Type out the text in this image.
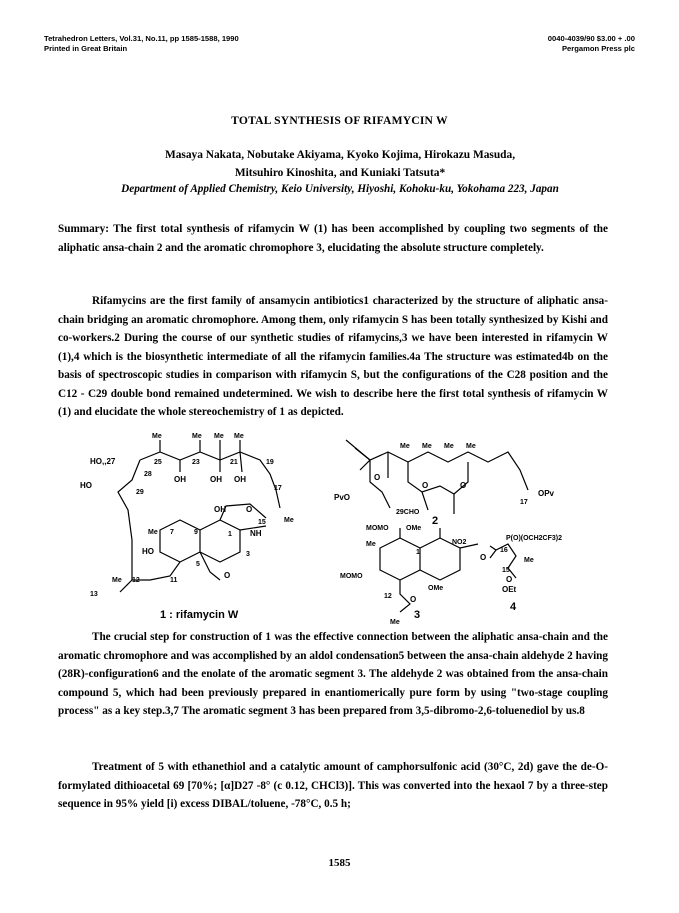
Tetrahedron Letters, Vol.31, No.11, pp 1585-1588, 1990
Printed in Great Britain
0040-4039/90 $3.00 + .00
Pergamon Press plc
TOTAL SYNTHESIS OF RIFAMYCIN W
Masaya Nakata, Nobutake Akiyama, Kyoko Kojima, Hirokazu Masuda,
Mitsuhiro Kinoshita, and Kuniaki Tatsuta*
Department of Applied Chemistry, Keio University, Hiyoshi, Kohoku-ku, Yokohama 223, Japan
Summary: The first total synthesis of rifamycin W (1) has been accomplished by coupling two segments of the aliphatic ansa-chain 2 and the aromatic chromophore 3, elucidating the absolute structure completely.
Rifamycins are the first family of ansamycin antibiotics1 characterized by the structure of aliphatic ansa-chain bridging an aromatic chromophore. Among them, only rifamycin S has been totally synthesized by Kishi and co-workers.2 During the course of our synthetic studies of rifamycins,3 we have been interested in rifamycin W (1),4 which is the biosynthetic intermediate of all the rifamycin families.4a The structure was estimated4b on the basis of spectroscopic studies in comparison with rifamycin S, but the configurations of the C28 position and the C12 - C29 double bond remained undetermined. We wish to describe here the first total synthesis of rifamycin W (1) and elucidate the whole stereochemistry of 1 as depicted.
Me	Me Me Me
HO,,27	25	23	21	19
HO
28
OH	OH OH
29
17
OH	O
15	Me
NH
Me 7	9	1
3
HO
5
O
Me 12	11
13
1 : rifamycin W
Me Me Me Me
O
PvO
29CHO
O	O
OPv
17
2
MOMO OMe
Me
1
NO2
MOMO
OMe
12 O
Me
3
P(O)(OCH2CF3)2
16
O
15
Me
O
OEt
4
The crucial step for construction of 1 was the effective connection between the aliphatic ansa-chain and the aromatic chromophore and was accomplished by an aldol condensation5 between the ansa-chain aldehyde 2 having (28R)-configuration6 and the enolate of the aromatic segment 3. The aldehyde 2 was obtained from the ansa-chain compound 5, which had been previously prepared in enantiomerically pure form by using "two-stage coupling process" as a key step.3,7 The aromatic segment 3 has been prepared from 3,5-dibromo-2,6-toluenediol by us.8
Treatment of 5 with ethanethiol and a catalytic amount of camphorsulfonic acid (30°C, 2d) gave the de-O-formylated dithioacetal 69 [70%; [α]D27 -8° (c 0.12, CHCl3)]. This was converted into the hexaol 7 by a three-step sequence in 95% yield [i) excess DIBAL/toluene, -78°C, 0.5 h;
1585
